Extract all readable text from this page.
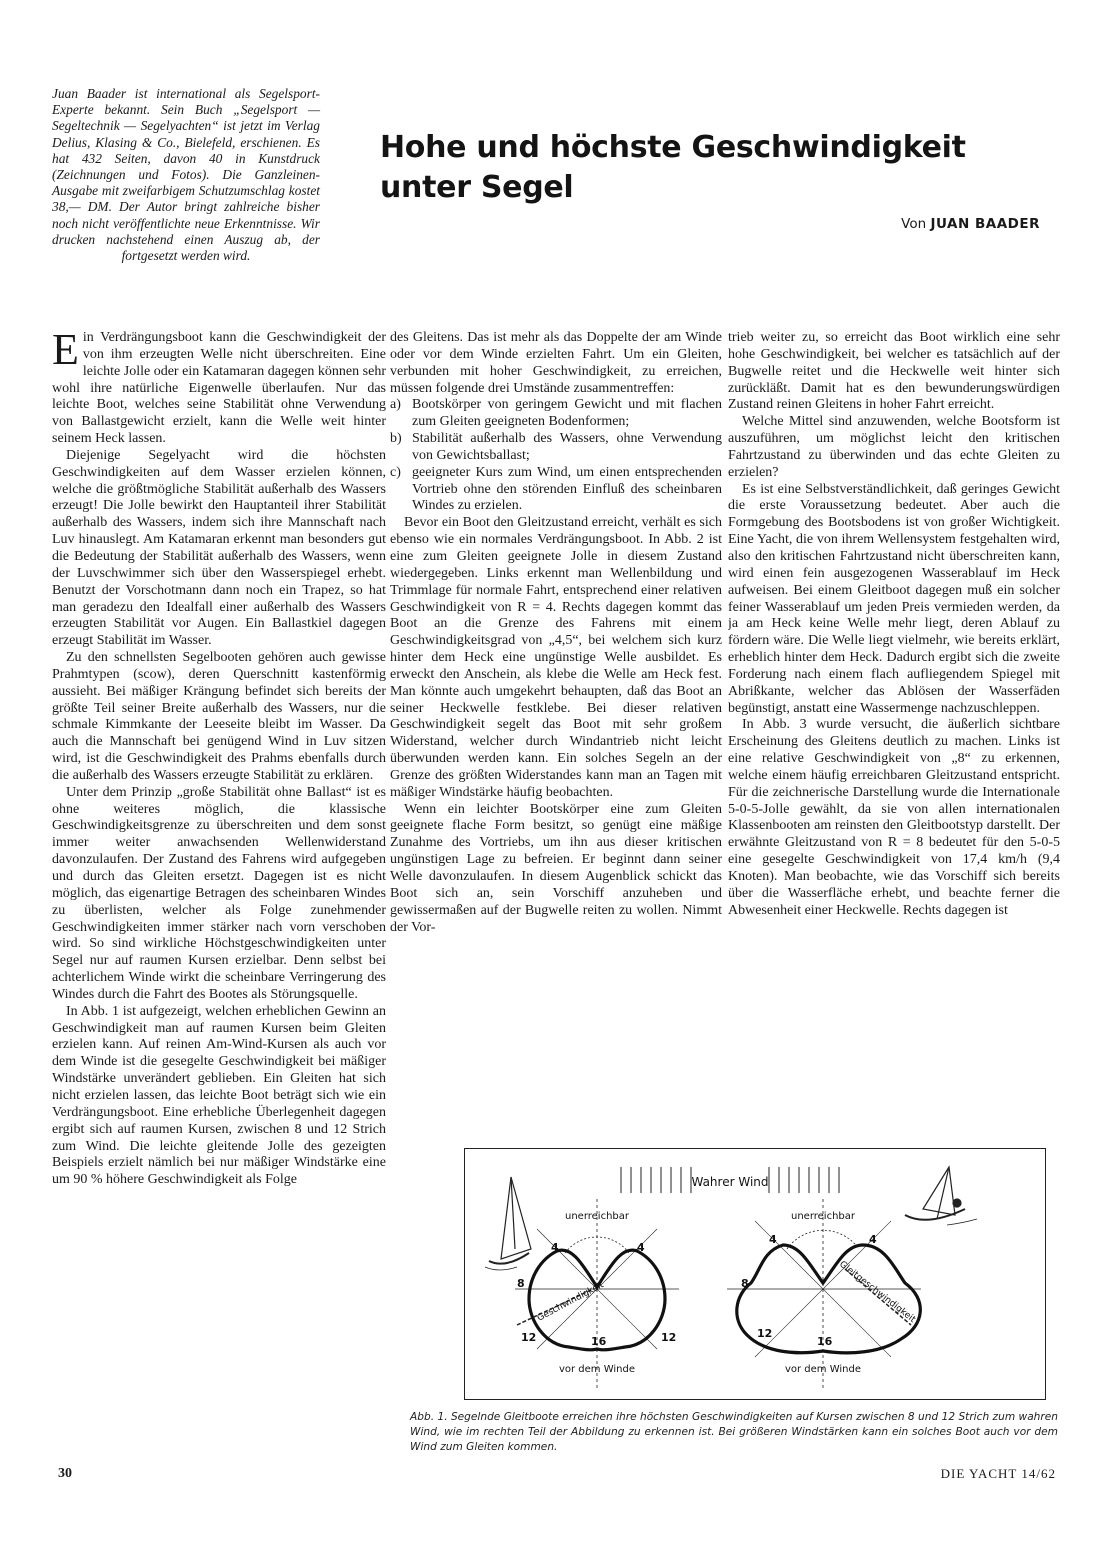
Juan Baader ist international als Segelsport-Experte bekannt. Sein Buch „Segelsport — Segeltechnik — Segelyachten“ ist jetzt im Verlag Delius, Klasing & Co., Bielefeld, erschienen. Es hat 432 Seiten, davon 40 in Kunstdruck (Zeichnungen und Fotos). Die Ganzleinen-Ausgabe mit zweifarbigem Schutzumschlag kostet 38,— DM. Der Autor bringt zahlreiche bisher noch nicht veröffentlichte neue Erkenntnisse. Wir drucken nachstehend einen Auszug ab, der fortgesetzt werden wird.

Hohe und höchste Geschwindigkeit
unter Segel

Von JUAN BAADER

Ein Verdrängungsboot kann die Geschwindigkeit der von ihm erzeugten Welle nicht überschreiten. Eine leichte Jolle oder ein Katamaran dagegen können sehr wohl ihre natürliche Eigenwelle überlaufen. Nur das leichte Boot, welches seine Stabilität ohne Verwendung von Ballastgewicht erzielt, kann die Welle weit hinter seinem Heck lassen.

Diejenige Segelyacht wird die höchsten Geschwindigkeiten auf dem Wasser erzielen können, welche die größtmögliche Stabilität außerhalb des Wassers erzeugt! Die Jolle bewirkt den Hauptanteil ihrer Stabilität außerhalb des Wassers, indem sich ihre Mannschaft nach Luv hinauslegt. Am Katamaran erkennt man besonders gut die Bedeutung der Stabilität außerhalb des Wassers, wenn der Luvschwimmer sich über den Wasserspiegel erhebt. Benutzt der Vorschotmann dann noch ein Trapez, so hat man geradezu den Idealfall einer außerhalb des Wassers erzeugten Stabilität vor Augen. Ein Ballastkiel dagegen erzeugt Stabilität im Wasser.

Zu den schnellsten Segelbooten gehören auch gewisse Prahmtypen (scow), deren Querschnitt kastenförmig aussieht. Bei mäßiger Krängung befindet sich bereits der größte Teil seiner Breite außerhalb des Wassers, nur die schmale Kimmkante der Leeseite bleibt im Wasser. Da auch die Mannschaft bei genügend Wind in Luv sitzen wird, ist die Geschwindigkeit des Prahms ebenfalls durch die außerhalb des Wassers erzeugte Stabilität zu erklären.

Unter dem Prinzip „große Stabilität ohne Ballast“ ist es ohne weiteres möglich, die klassische Geschwindigkeitsgrenze zu überschreiten und dem sonst immer weiter anwachsenden Wellenwiderstand davonzulaufen. Der Zustand des Fahrens wird aufgegeben und durch das Gleiten ersetzt. Dagegen ist es nicht möglich, das eigenartige Betragen des scheinbaren Windes zu überlisten, welcher als Folge zunehmender Geschwindigkeiten immer stärker nach vorn verschoben wird. So sind wirkliche Höchstgeschwindigkeiten unter Segel nur auf raumen Kursen erzielbar. Denn selbst bei achterlichem Winde wirkt die scheinbare Verringerung des Windes durch die Fahrt des Bootes als Störungsquelle.

In Abb. 1 ist aufgezeigt, welchen erheblichen Gewinn an Geschwindigkeit man auf raumen Kursen beim Gleiten erzielen kann. Auf reinen Am-Wind-Kursen als auch vor dem Winde ist die gesegelte Geschwindigkeit bei mäßiger Windstärke unverändert geblieben. Ein Gleiten hat sich nicht erzielen lassen, das leichte Boot beträgt sich wie ein Verdrängungsboot. Eine erhebliche Überlegenheit dagegen ergibt sich auf raumen Kursen, zwischen 8 und 12 Strich zum Wind. Die leichte gleitende Jolle des gezeigten Beispiels erzielt nämlich bei nur mäßiger Windstärke eine um 90 % höhere Geschwindigkeit als Folge

des Gleitens. Das ist mehr als das Doppelte der am Winde oder vor dem Winde erzielten Fahrt. Um ein Gleiten, verbunden mit hoher Geschwindigkeit, zu erreichen, müssen folgende drei Umstände zusammentreffen:

a) Bootskörper von geringem Gewicht und mit flachen zum Gleiten geeigneten Bodenformen;
b) Stabilität außerhalb des Wassers, ohne Verwendung von Gewichtsballast;
c) geeigneter Kurs zum Wind, um einen entsprechenden Vortrieb ohne den störenden Einfluß des scheinbaren Windes zu erzielen.

Bevor ein Boot den Gleitzustand erreicht, verhält es sich ebenso wie ein normales Verdrängungsboot. In Abb. 2 ist eine zum Gleiten geeignete Jolle in diesem Zustand wiedergegeben. Links erkennt man Wellenbildung und Trimmlage für normale Fahrt, entsprechend einer relativen Geschwindigkeit von R = 4. Rechts dagegen kommt das Boot an die Grenze des Fahrens mit einem Geschwindigkeitsgrad von „4,5“, bei welchem sich kurz hinter dem Heck eine ungünstige Welle ausbildet. Es erweckt den Anschein, als klebe die Welle am Heck fest. Man könnte auch umgekehrt behaupten, daß das Boot an seiner Heckwelle festklebe. Bei dieser relativen Geschwindigkeit segelt das Boot mit sehr großem Widerstand, welcher durch Windantrieb nicht leicht überwunden werden kann. Ein solches Segeln an der Grenze des größten Widerstandes kann man an Tagen mit mäßiger Windstärke häufig beobachten.

Wenn ein leichter Bootskörper eine zum Gleiten geeignete flache Form besitzt, so genügt eine mäßige Zunahme des Vortriebs, um ihn aus dieser kritischen ungünstigen Lage zu befreien. Er beginnt dann seiner Welle davonzulaufen. In diesem Augenblick schickt das Boot sich an, sein Vorschiff anzuheben und gewissermaßen auf der Bugwelle reiten zu wollen. Nimmt der Vor-

trieb weiter zu, so erreicht das Boot wirklich eine sehr hohe Geschwindigkeit, bei welcher es tatsächlich auf der Bugwelle reitet und die Heckwelle weit hinter sich zurückläßt. Damit hat es den bewunderungswürdigen Zustand reinen Gleitens in hoher Fahrt erreicht.

Welche Mittel sind anzuwenden, welche Bootsform ist auszuführen, um möglichst leicht den kritischen Fahrtzustand zu überwinden und das echte Gleiten zu erzielen?

Es ist eine Selbstverständlichkeit, daß geringes Gewicht die erste Voraussetzung bedeutet. Aber auch die Formgebung des Bootsbodens ist von großer Wichtigkeit. Eine Yacht, die von ihrem Wellensystem festgehalten wird, also den kritischen Fahrtzustand nicht überschreiten kann, wird einen fein ausgezogenen Wasserablauf im Heck aufweisen. Bei einem Gleitboot dagegen muß ein solcher feiner Wasserablauf um jeden Preis vermieden werden, da ja am Heck keine Welle mehr liegt, deren Ablauf zu fördern wäre. Die Welle liegt vielmehr, wie bereits erklärt, erheblich hinter dem Heck. Dadurch ergibt sich die zweite Forderung nach einem flach aufliegendem Spiegel mit Abrißkante, welcher das Ablösen der Wasserfäden begünstigt, anstatt eine Wassermenge nachzuschleppen.

In Abb. 3 wurde versucht, die äußerlich sichtbare Erscheinung des Gleitens deutlich zu machen. Links ist eine relative Geschwindigkeit von „8“ zu erkennen, welche einem häufig erreichbaren Gleitzustand entspricht. Für die zeichnerische Darstellung wurde die Internationale 5-0-5-Jolle gewählt, da sie von allen internationalen Klassenbooten am reinsten den Gleitbootstyp darstellt. Der erwähnte Gleitzustand von R = 8 bedeutet für den 5-0-5 eine gesegelte Geschwindigkeit von 17,4 km/h (9,4 Knoten). Man beobachte, wie das Vorschiff sich bereits über die Wasserfläche erhebt, und beachte ferner die Abwesenheit einer Heckwelle. Rechts dagegen ist

Wahrer Wind
unerreichbar
Geschwindigkeit
vor dem Winde
4	4
8
12	12
16
unerreichbar
Gleitgeschwindigkeit
vor dem Winde
4	4
8
12
16

Abb. 1. Segelnde Gleitboote erreichen ihre höchsten Geschwindigkeiten auf Kursen zwischen 8 und 12 Strich zum wahren Wind, wie im rechten Teil der Abbildung zu erkennen ist. Bei größeren Windstärken kann ein solches Boot auch vor dem Wind zum Gleiten kommen.

30	DIE YACHT 14/62
